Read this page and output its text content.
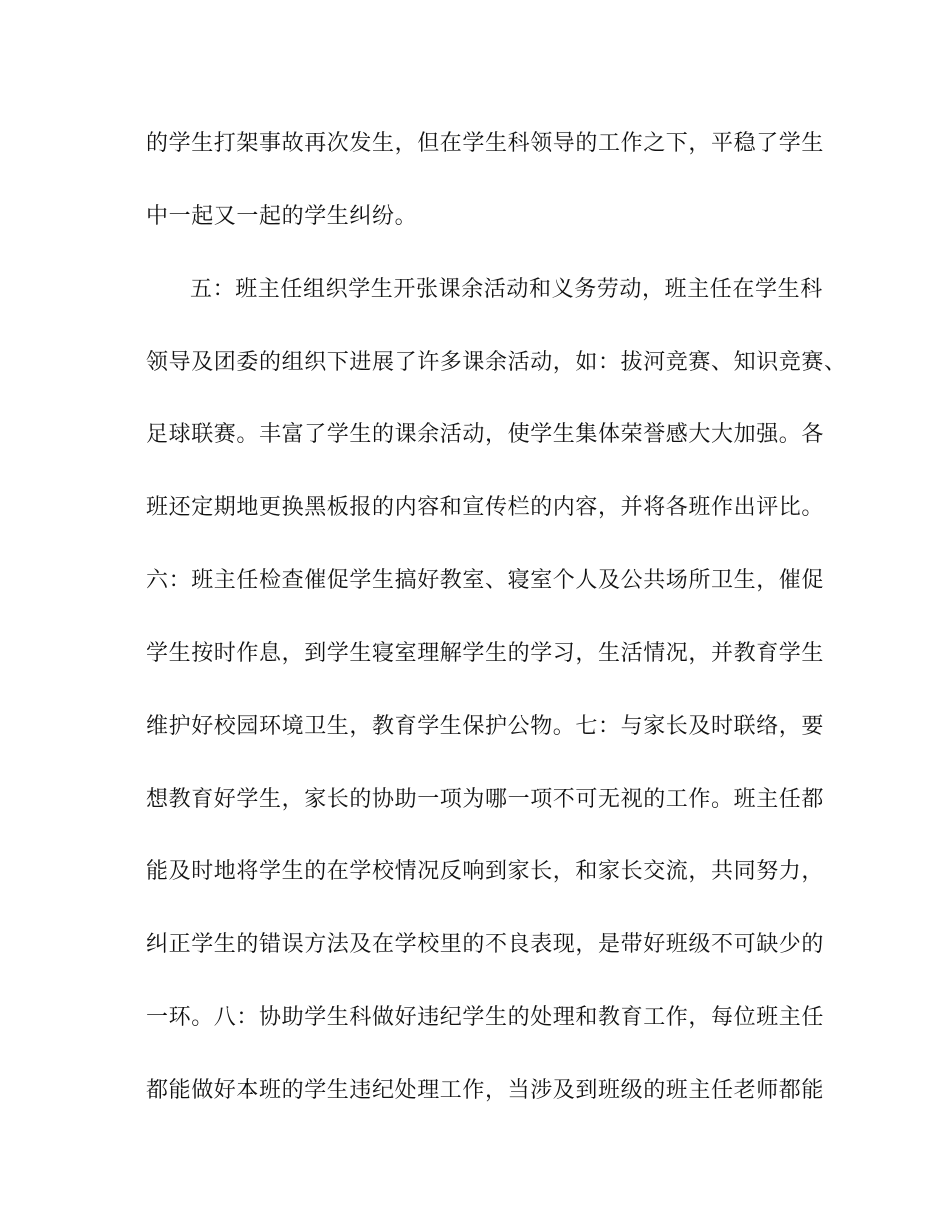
的学生打架事故再次发生，但在学生科领导的工作之下，平稳了学生
中一起又一起的学生纠纷。
五：班主任组织学生开张课余活动和义务劳动，班主任在学生科
领导及团委的组织下进展了许多课余活动，如：拔河竞赛、知识竞赛、
足球联赛。丰富了学生的课余活动，使学生集体荣誉感大大加强。各
班还定期地更换黑板报的内容和宣传栏的内容，并将各班作出评比。
六：班主任检查催促学生搞好教室、寝室个人及公共场所卫生，催促
学生按时作息，到学生寝室理解学生的学习，生活情况，并教育学生
维护好校园环境卫生，教育学生保护公物。七：与家长及时联络，要
想教育好学生，家长的协助一项为哪一项不可无视的工作。班主任都
能及时地将学生的在学校情况反响到家长，和家长交流，共同努力，
纠正学生的错误方法及在学校里的不良表现，是带好班级不可缺少的
一环。八：协助学生科做好违纪学生的处理和教育工作，每位班主任
都能做好本班的学生违纪处理工作，当涉及到班级的班主任老师都能
